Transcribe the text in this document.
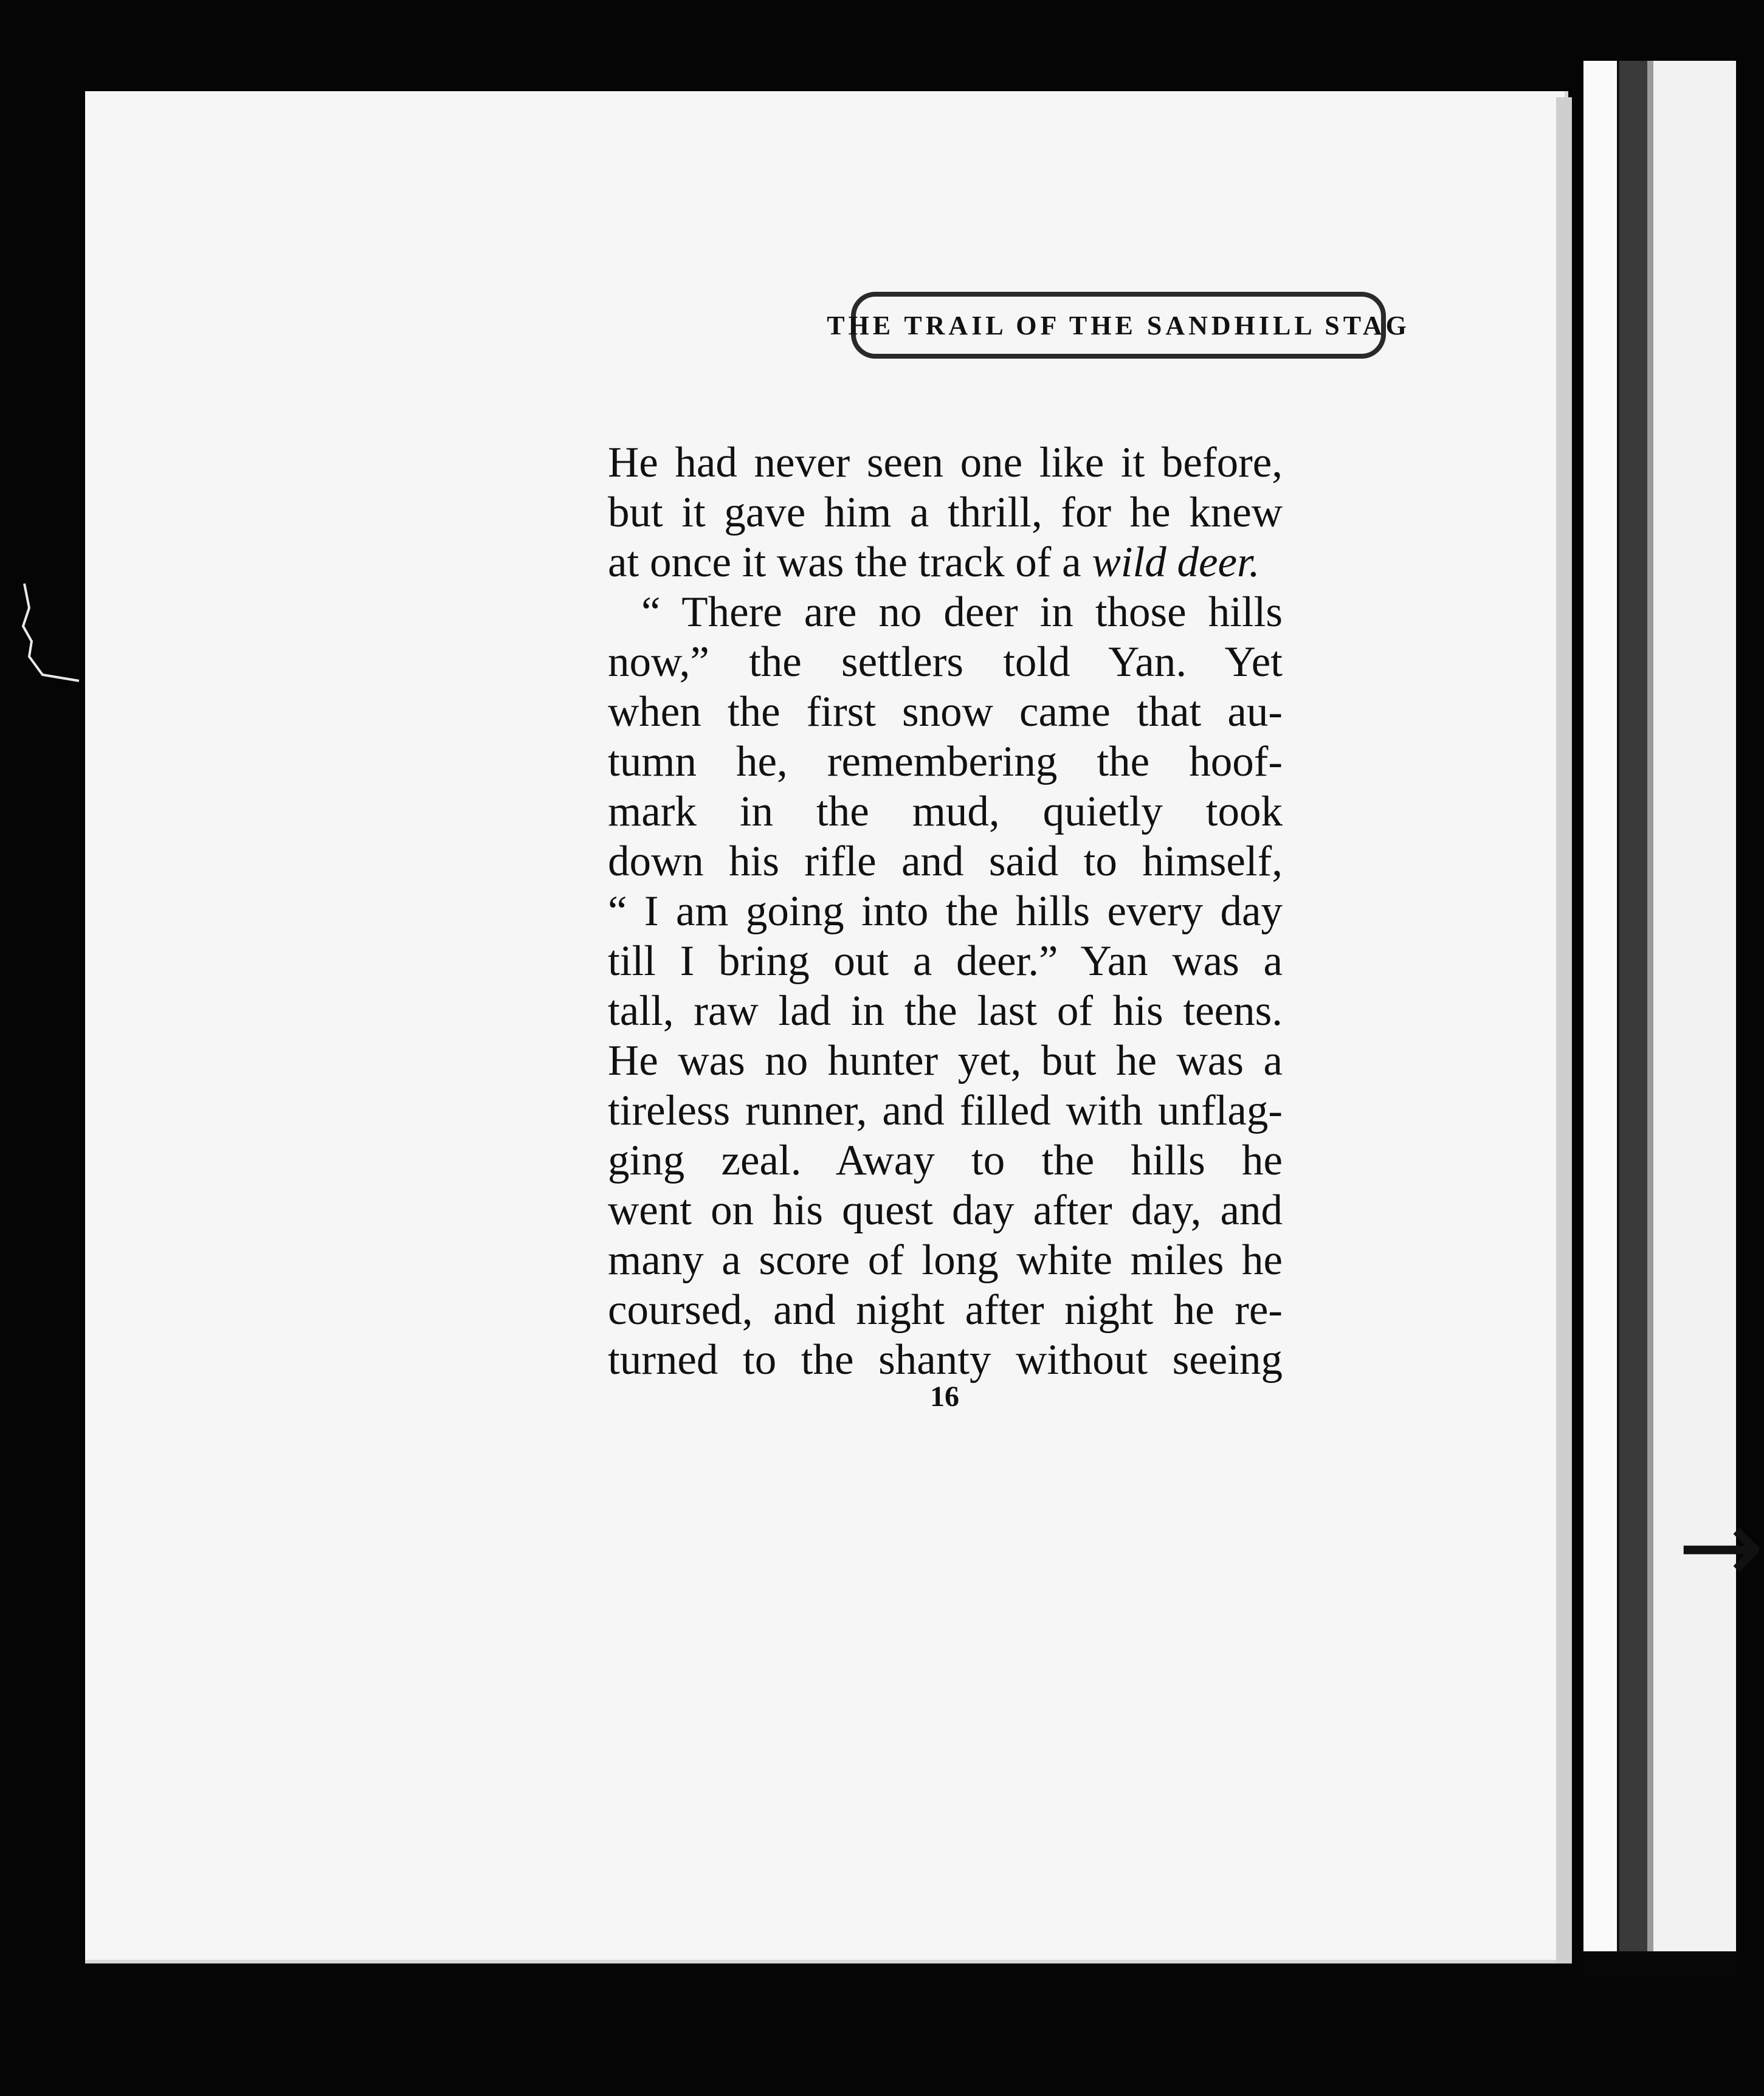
→
THE TRAIL OF THE SANDHILL STAG
He had never seen one like it before,
but it gave him a thrill, for he knew
at once it was the track of a wild deer.
“ There are no deer in those hills
now,” the settlers told Yan. Yet
when the first snow came that au-
tumn he, remembering the hoof-
mark in the mud, quietly took
down his rifle and said to himself,
“ I am going into the hills every day
till I bring out a deer.” Yan was a
tall, raw lad in the last of his teens.
He was no hunter yet, but he was a
tireless runner, and filled with unflag-
ging zeal. Away to the hills he
went on his quest day after day, and
many a score of long white miles he
coursed, and night after night he re-
turned to the shanty without seeing
16
